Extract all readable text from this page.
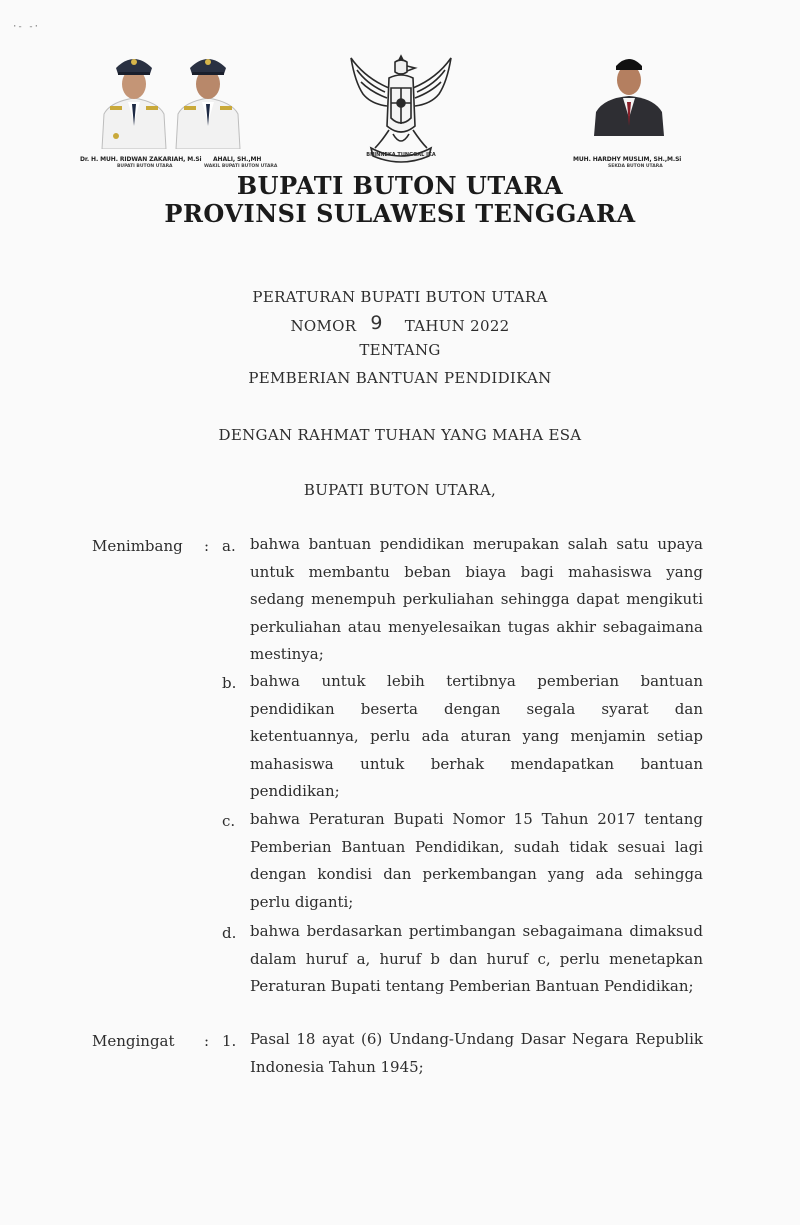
·- -·
Dr. H. MUH. RIDWAN ZAKARIAH, M.Si
BUPATI BUTON UTARA
AHALI, SH.,MH
WAKIL BUPATI BUTON UTARA
BHINNEKA TUNGGAL IKA
MUH. HARDHY MUSLIM, SH.,M.Si
SEKDA BUTON UTARA
BUPATI BUTON UTARA
PROVINSI SULAWESI TENGGARA
PERATURAN BUPATI BUTON UTARA
NOMOR 9 TAHUN 2022
TENTANG
PEMBERIAN BANTUAN PENDIDIKAN
DENGAN RAHMAT TUHAN YANG MAHA ESA
BUPATI BUTON UTARA,
Menimbang : a. bahwa bantuan pendidikan merupakan salah satu upaya untuk membantu beban biaya bagi mahasiswa yang sedang menempuh perkuliahan sehingga dapat mengikuti perkuliahan atau menyelesaikan tugas akhir sebagaimana mestinya;

b. bahwa untuk lebih tertibnya pemberian bantuan pendidikan beserta dengan segala syarat dan ketentuannya, perlu ada aturan yang menjamin setiap mahasiswa untuk berhak mendapatkan bantuan pendidikan;

c. bahwa Peraturan Bupati Nomor 15 Tahun 2017 tentang Pemberian Bantuan Pendidikan, sudah tidak sesuai lagi dengan kondisi dan perkembangan yang ada sehingga perlu diganti;

d. bahwa berdasarkan pertimbangan sebagaimana dimaksud dalam huruf a, huruf b dan huruf c, perlu menetapkan Peraturan Bupati tentang Pemberian Bantuan Pendidikan;

Mengingat : 1. Pasal 18 ayat (6) Undang-Undang Dasar Negara Republik Indonesia Tahun 1945;
